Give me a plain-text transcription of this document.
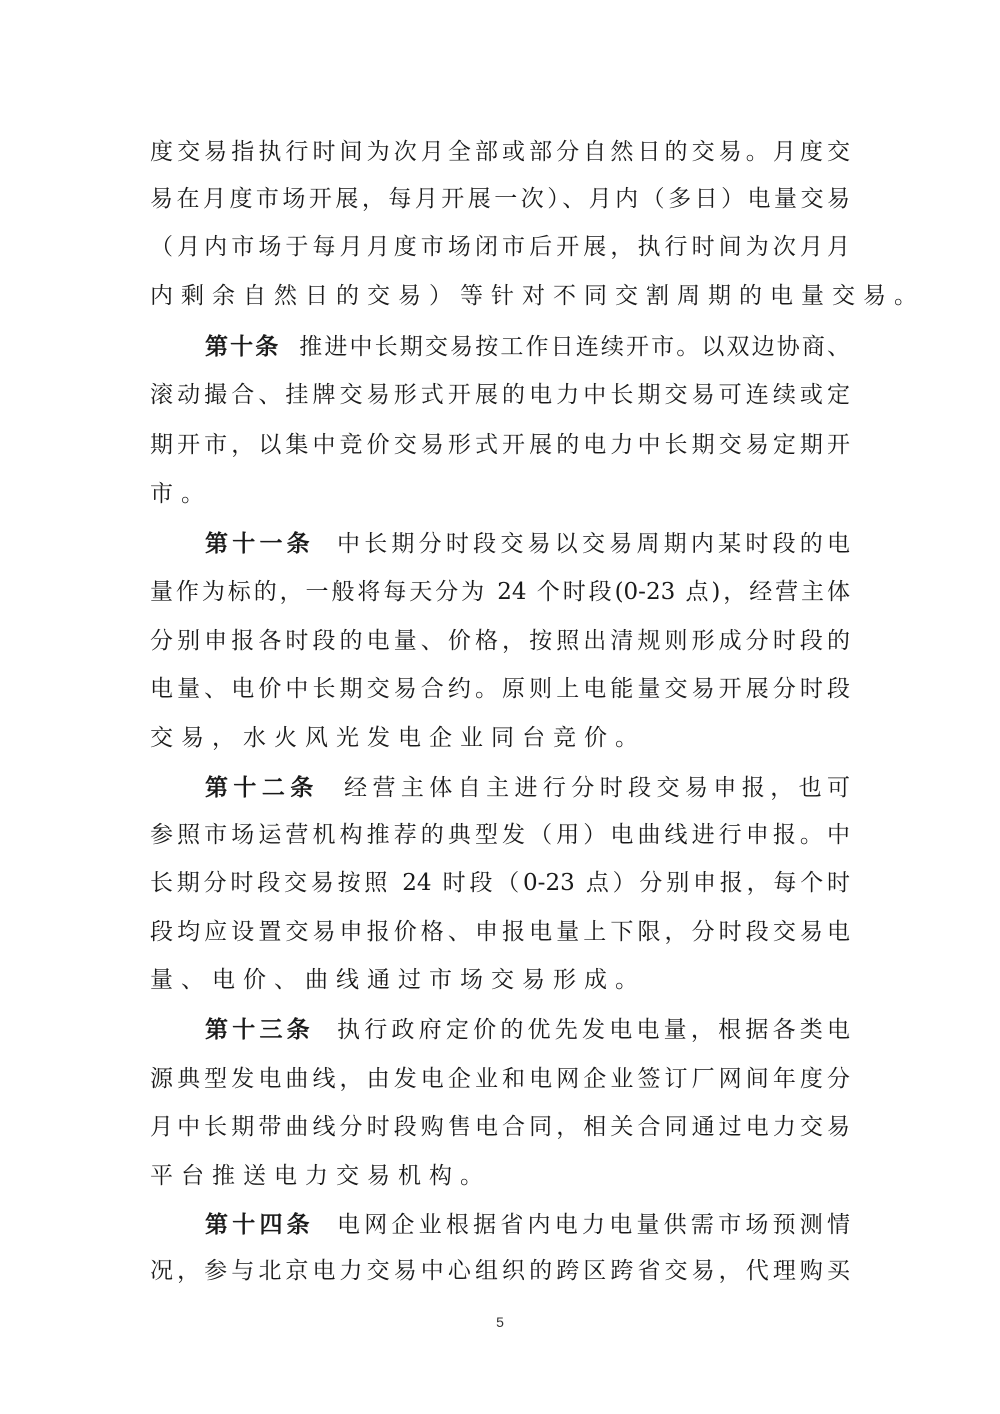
度交易指执行时间为次月全部或部分自然日的交易。月度交
易在月度市场开展，每月开展一次）、月内（多日）电量交易
（月内市场于每月月度市场闭市后开展，执行时间为次月月
内剩余自然日的交易）等针对不同交割周期的电量交易。
第十条 推进中长期交易按工作日连续开市。以双边协商、
滚动撮合、挂牌交易形式开展的电力中长期交易可连续或定
期开市，以集中竞价交易形式开展的电力中长期交易定期开
市。
第十一条 中长期分时段交易以交易周期内某时段的电
量作为标的，一般将每天分为 24 个时段(0-23 点)，经营主体
分别申报各时段的电量、价格，按照出清规则形成分时段的
电量、电价中长期交易合约。原则上电能量交易开展分时段
交易，水火风光发电企业同台竞价。
第十二条 经营主体自主进行分时段交易申报，也可
参照市场运营机构推荐的典型发（用）电曲线进行申报。中
长期分时段交易按照 24 时段（0-23 点）分别申报，每个时
段均应设置交易申报价格、申报电量上下限，分时段交易电
量、电价、曲线通过市场交易形成。
第十三条 执行政府定价的优先发电电量，根据各类电
源典型发电曲线，由发电企业和电网企业签订厂网间年度分
月中长期带曲线分时段购售电合同，相关合同通过电力交易
平台推送电力交易机构。
第十四条 电网企业根据省内电力电量供需市场预测情
况，参与北京电力交易中心组织的跨区跨省交易，代理购买
5
